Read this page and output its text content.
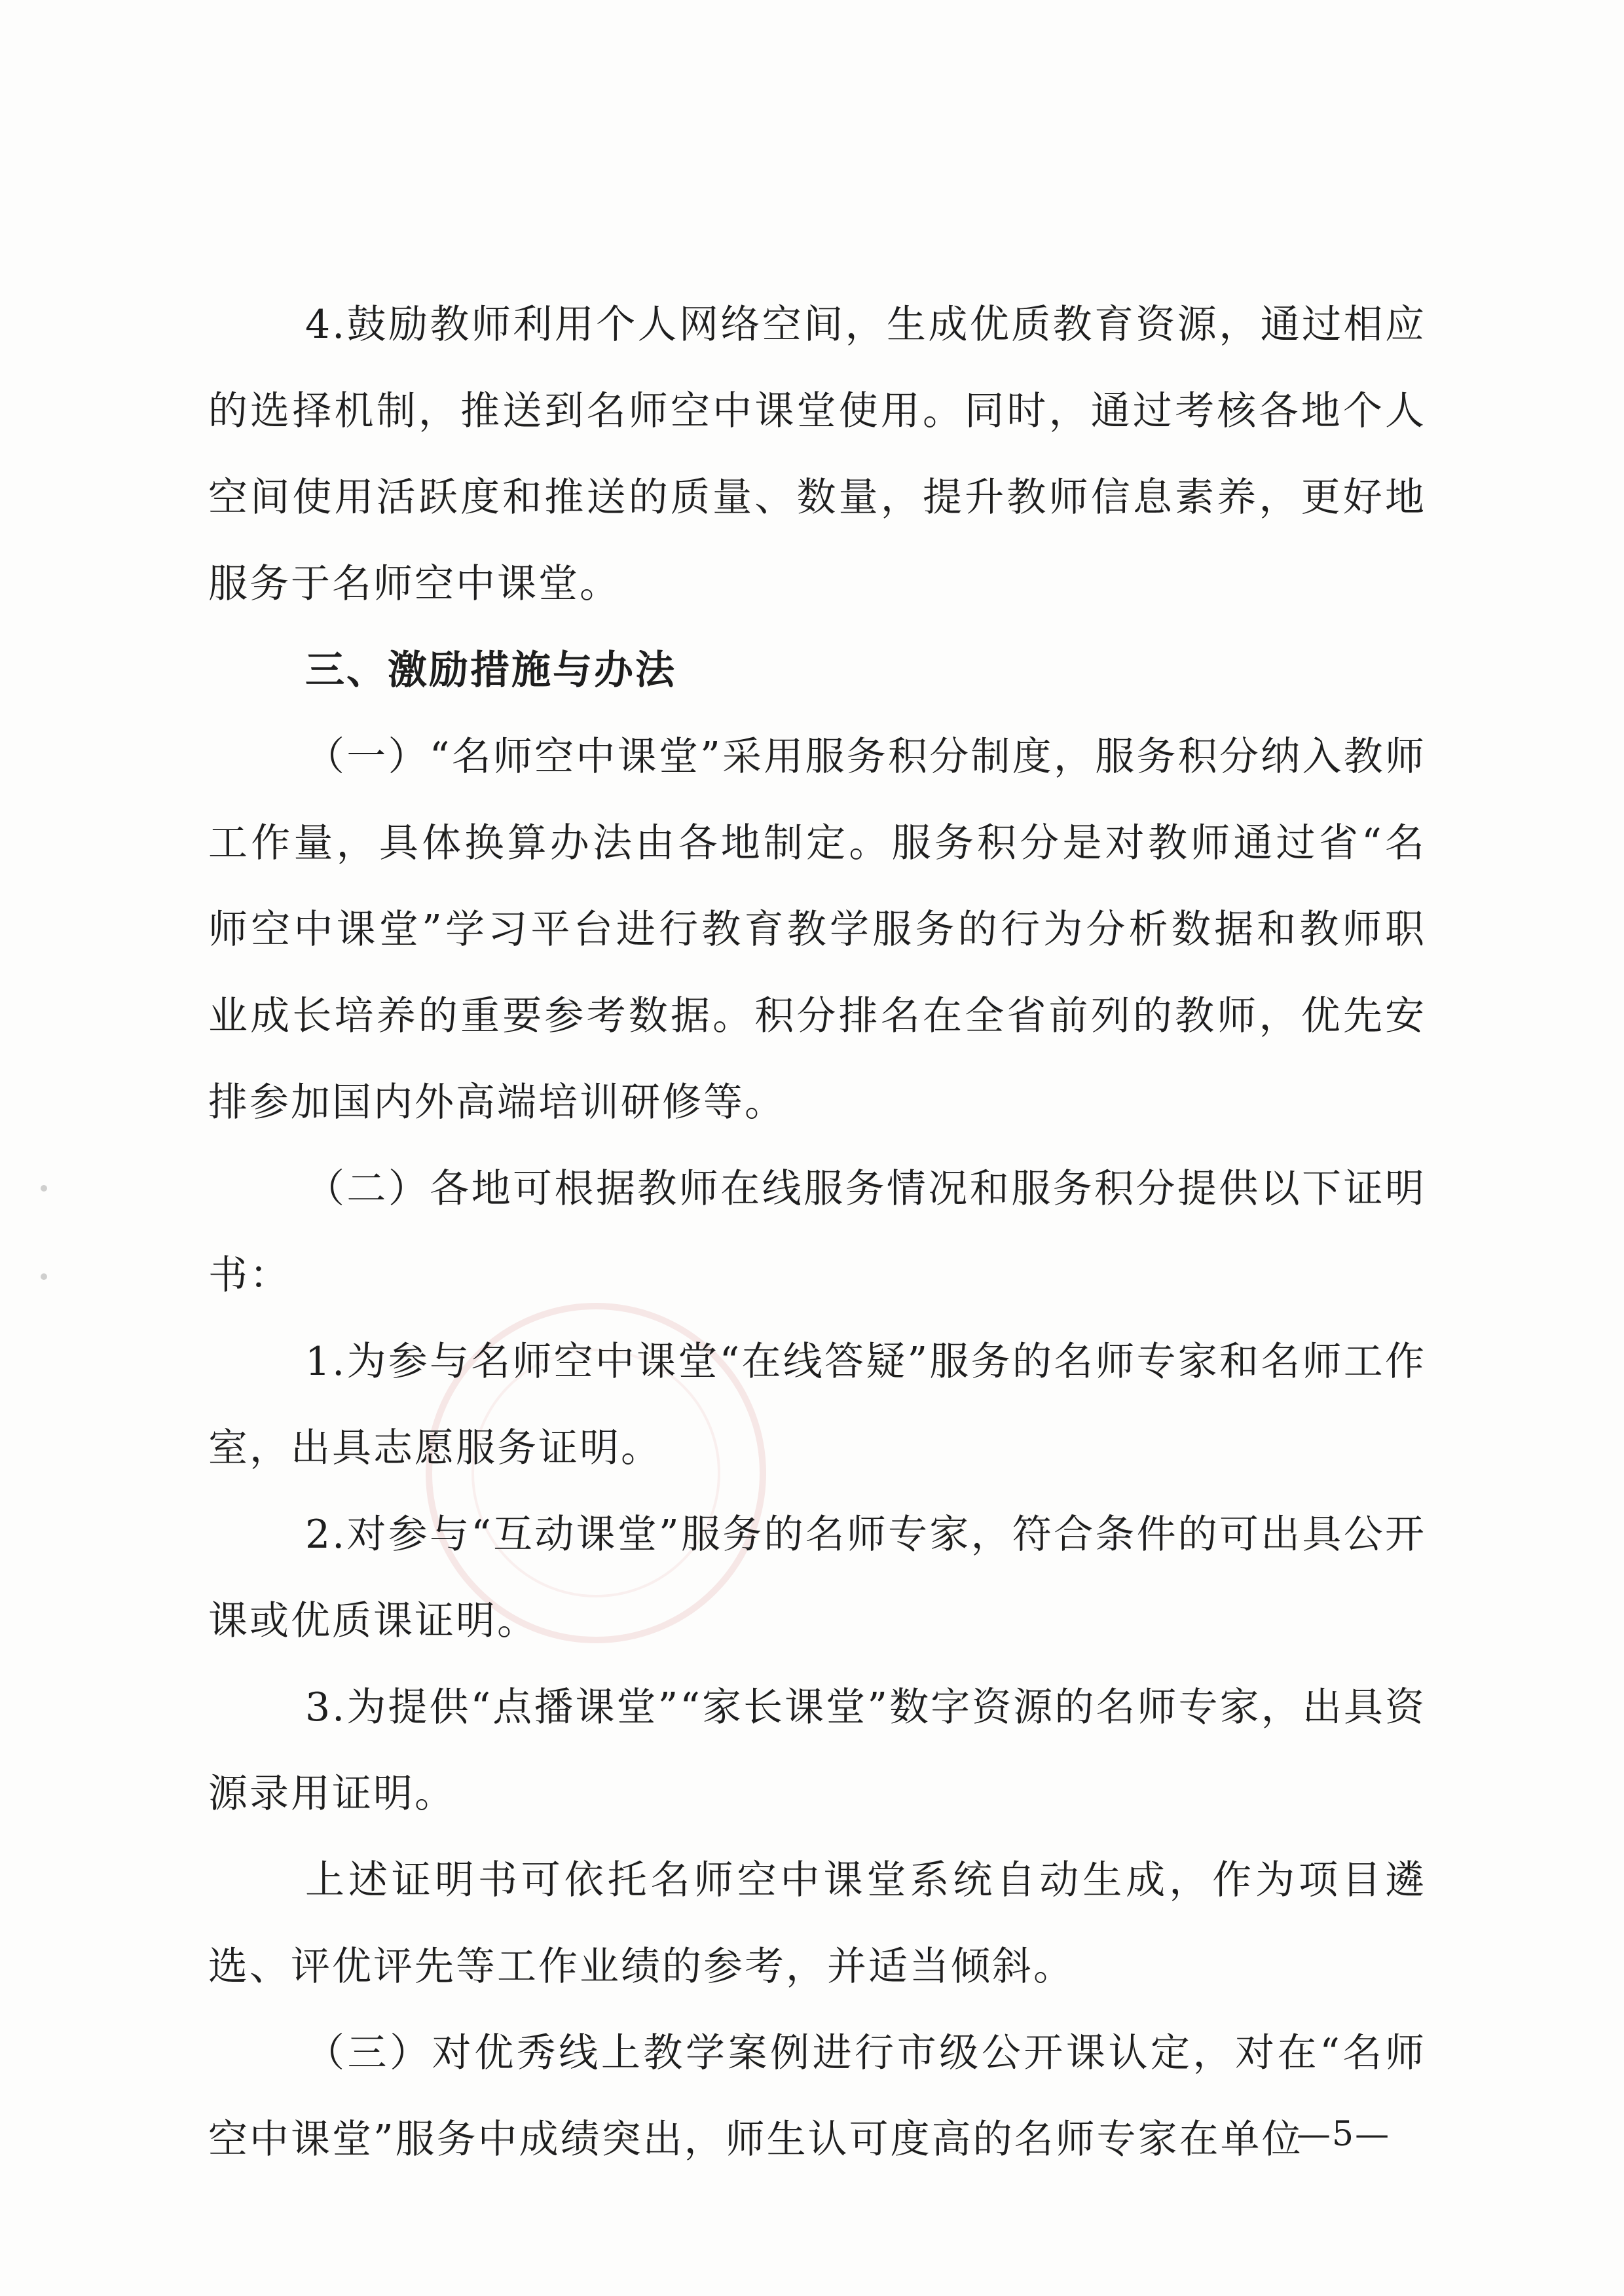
4.鼓励教师利用个人网络空间，生成优质教育资源，通过相应的选择机制，推送到名师空中课堂使用。同时，通过考核各地个人空间使用活跃度和推送的质量、数量，提升教师信息素养，更好地服务于名师空中课堂。

三、激励措施与办法

（一）“名师空中课堂”采用服务积分制度，服务积分纳入教师工作量，具体换算办法由各地制定。服务积分是对教师通过省“名师空中课堂”学习平台进行教育教学服务的行为分析数据和教师职业成长培养的重要参考数据。积分排名在全省前列的教师，优先安排参加国内外高端培训研修等。

（二）各地可根据教师在线服务情况和服务积分提供以下证明书：

1.为参与名师空中课堂“在线答疑”服务的名师专家和名师工作室，出具志愿服务证明。

2.对参与“互动课堂”服务的名师专家，符合条件的可出具公开课或优质课证明。

3.为提供“点播课堂”“家长课堂”数字资源的名师专家，出具资源录用证明。

上述证明书可依托名师空中课堂系统自动生成，作为项目遴选、评优评先等工作业绩的参考，并适当倾斜。

（三）对优秀线上教学案例进行市级公开课认定，对在“名师空中课堂”服务中成绩突出，师生认可度高的名师专家在单位

—5—
